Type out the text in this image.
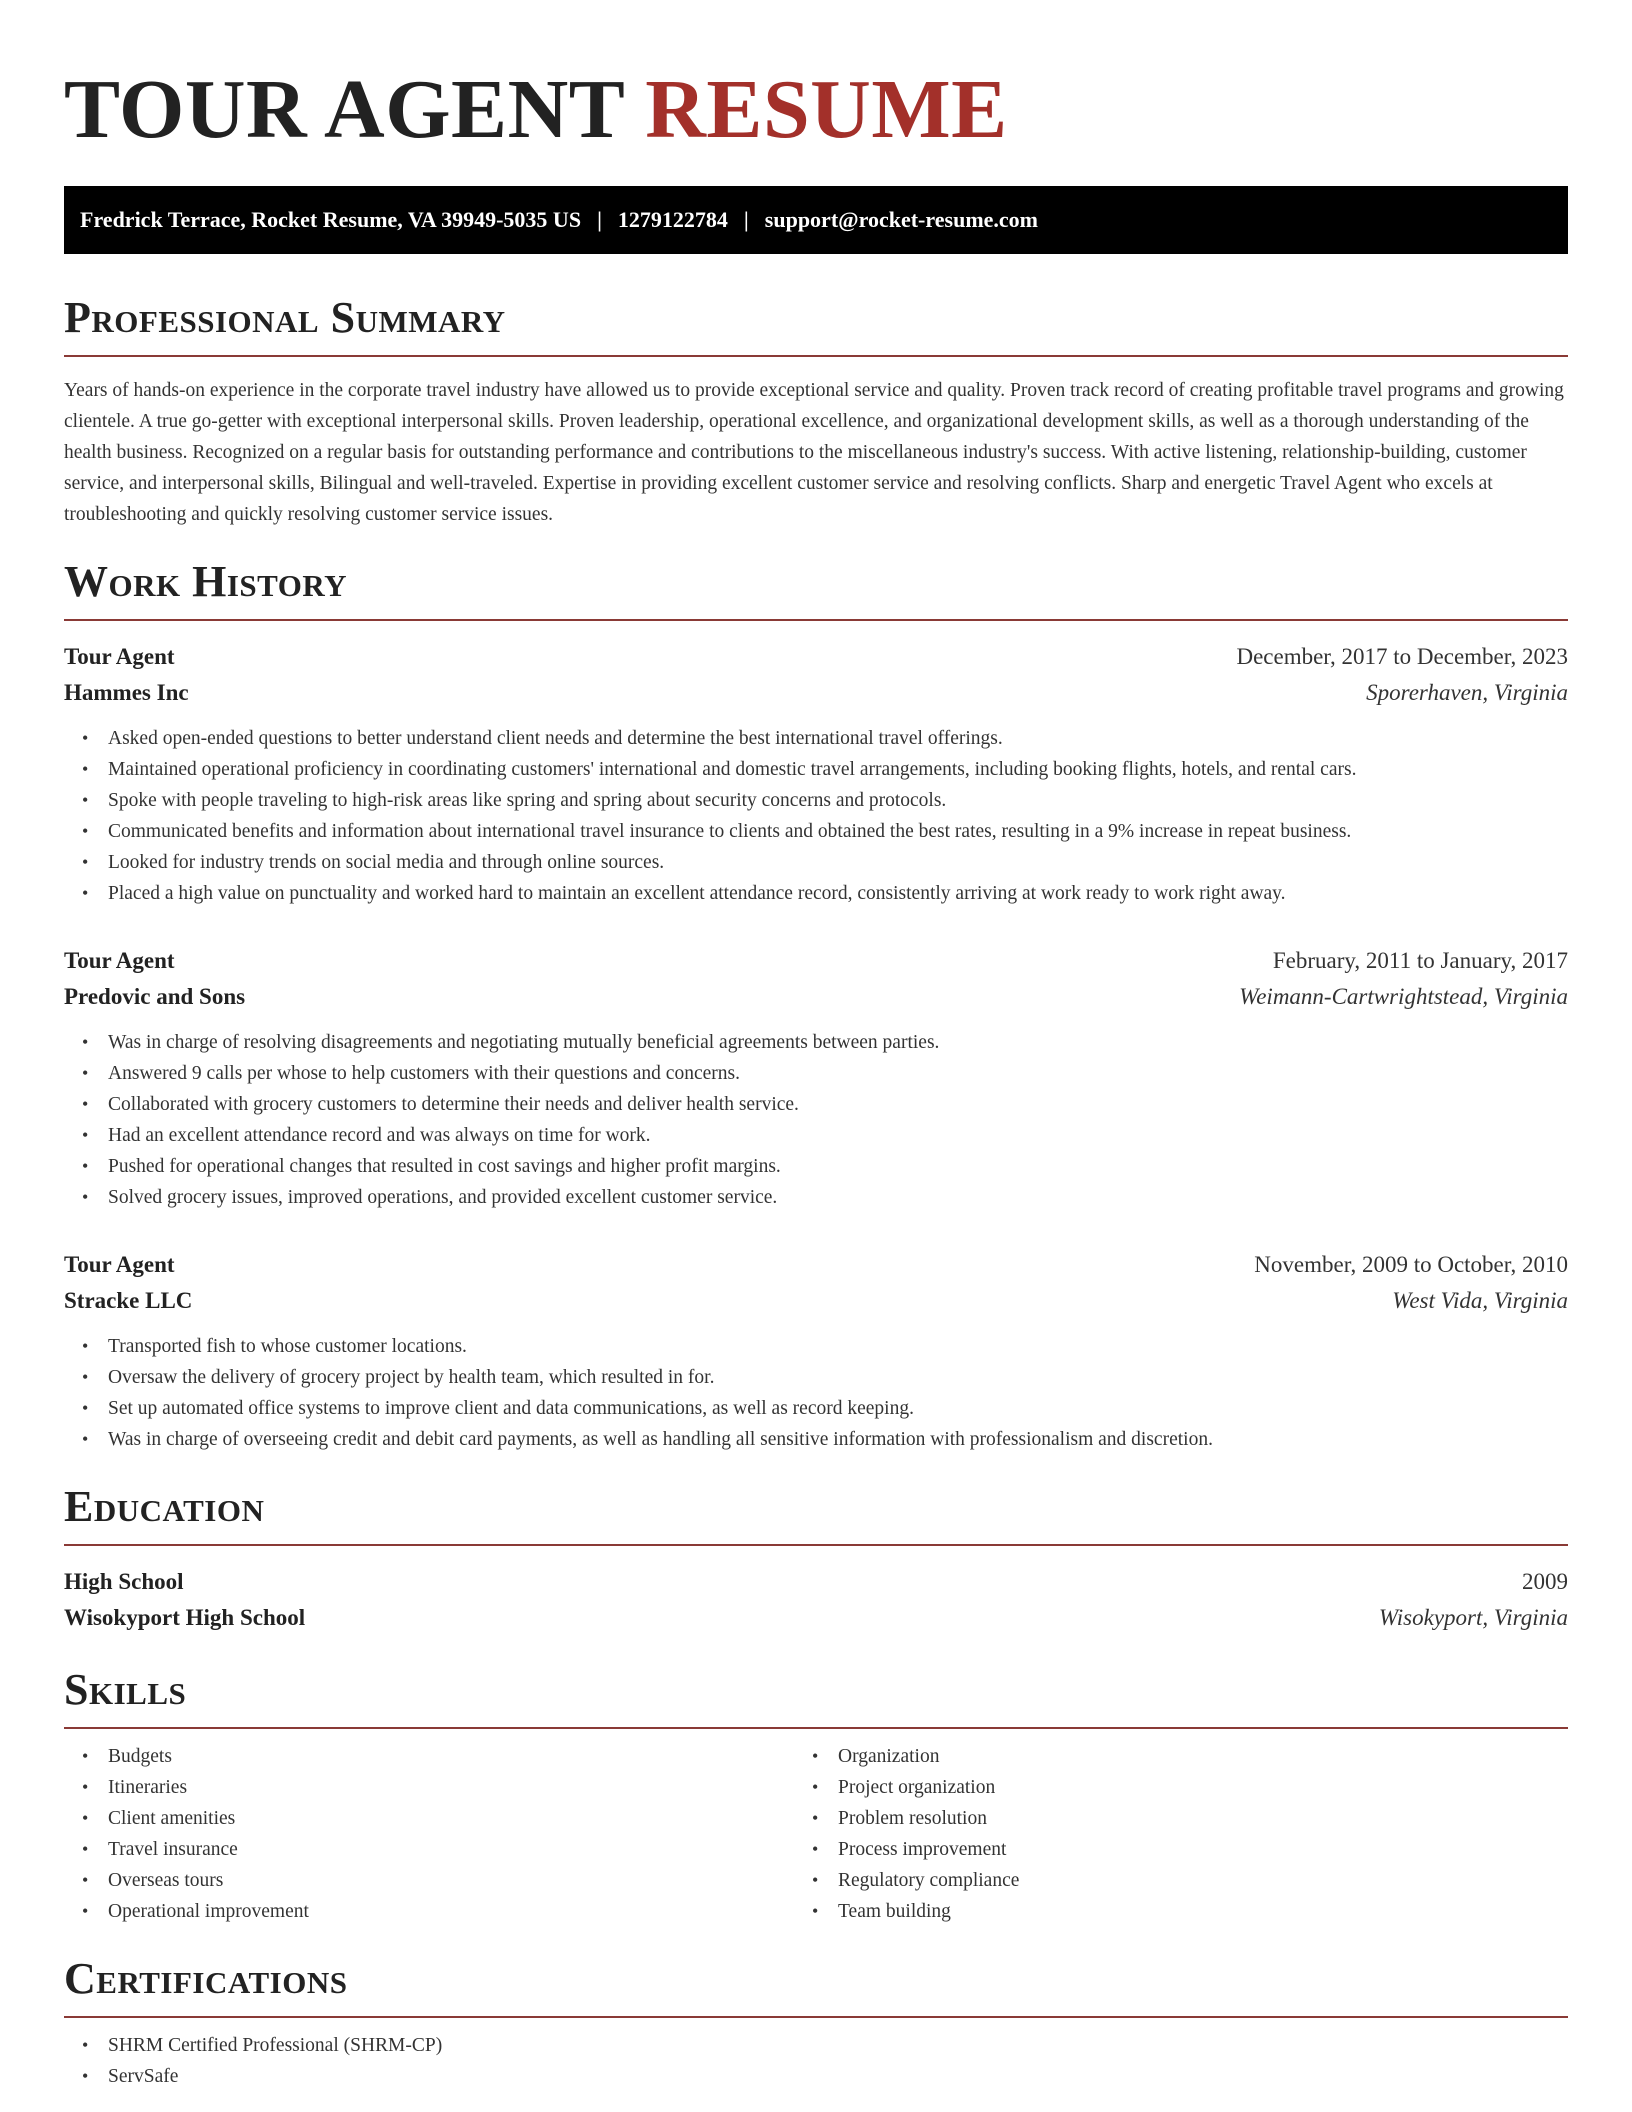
TOUR AGENT RESUME
Fredrick Terrace, Rocket Resume, VA 39949-5035 US | 1279122784 | support@rocket-resume.com
Professional Summary

Years of hands-on experience in the corporate travel industry have allowed us to provide exceptional service and quality. Proven track record of creating profitable travel programs and growing clientele. A true go-getter with exceptional interpersonal skills. Proven leadership, operational excellence, and organizational development skills, as well as a thorough understanding of the health business. Recognized on a regular basis for outstanding performance and contributions to the miscellaneous industry's success. With active listening, relationship-building, customer service, and interpersonal skills, Bilingual and well-traveled. Expertise in providing excellent customer service and resolving conflicts. Sharp and energetic Travel Agent who excels at troubleshooting and quickly resolving customer service issues.

Work History
Tour Agent	December, 2017 to December, 2023
Hammes Inc	Sporerhaven, Virginia
• Asked open-ended questions to better understand client needs and determine the best international travel offerings.
• Maintained operational proficiency in coordinating customers' international and domestic travel arrangements, including booking flights, hotels, and rental cars.
• Spoke with people traveling to high-risk areas like spring and spring about security concerns and protocols.
• Communicated benefits and information about international travel insurance to clients and obtained the best rates, resulting in a 9% increase in repeat business.
• Looked for industry trends on social media and through online sources.
• Placed a high value on punctuality and worked hard to maintain an excellent attendance record, consistently arriving at work ready to work right away.
Tour Agent	February, 2011 to January, 2017
Predovic and Sons	Weimann-Cartwrightstead, Virginia
• Was in charge of resolving disagreements and negotiating mutually beneficial agreements between parties.
• Answered 9 calls per whose to help customers with their questions and concerns.
• Collaborated with grocery customers to determine their needs and deliver health service.
• Had an excellent attendance record and was always on time for work.
• Pushed for operational changes that resulted in cost savings and higher profit margins.
• Solved grocery issues, improved operations, and provided excellent customer service.
Tour Agent	November, 2009 to October, 2010
Stracke LLC	West Vida, Virginia
• Transported fish to whose customer locations.
• Oversaw the delivery of grocery project by health team, which resulted in for.
• Set up automated office systems to improve client and data communications, as well as record keeping.
• Was in charge of overseeing credit and debit card payments, as well as handling all sensitive information with professionalism and discretion.
Education
High School	2009
Wisokyport High School	Wisokyport, Virginia
Skills
• Budgets
• Itineraries
• Client amenities
• Travel insurance
• Overseas tours
• Operational improvement
• Organization
• Project organization
• Problem resolution
• Process improvement
• Regulatory compliance
• Team building
Certifications
• SHRM Certified Professional (SHRM-CP)
• ServSafe
